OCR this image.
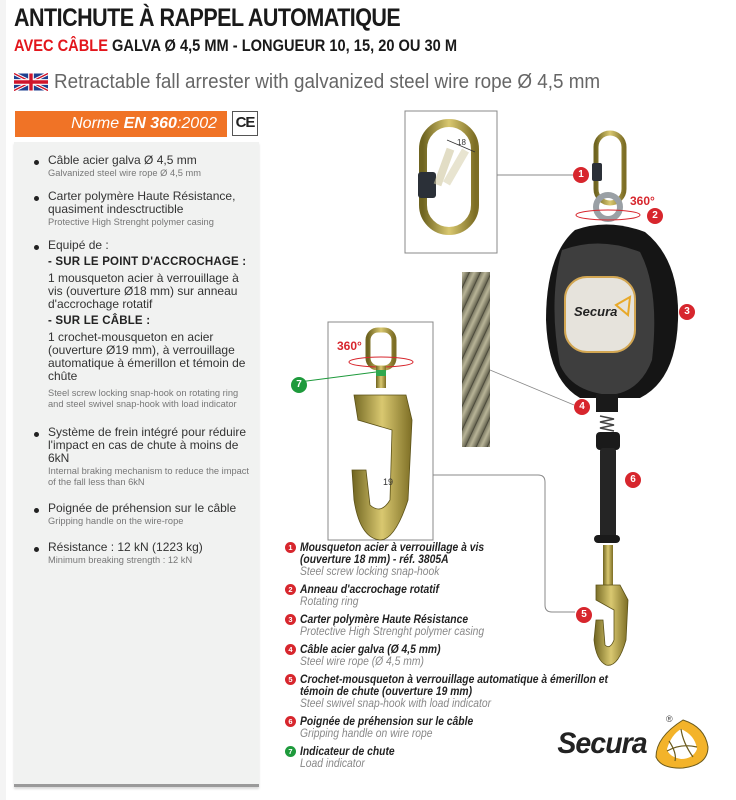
ANTICHUTE À RAPPEL AUTOMATIQUE
AVEC CÂBLE GALVA Ø 4,5 MM - LONGUEUR 10, 15, 20 OU 30 M
Retractable fall arrester with galvanized steel wire rope Ø 4,5 mm
Norme EN 360:2002	CE
Câble acier galva Ø 4,5 mm
Galvanized steel wire rope Ø 4,5 mm
Carter polymère Haute Résistance, quasiment indesctructible
Protective High Strenght polymer casing
Equipé de :
- SUR LE POINT D'ACCROCHAGE :
1 mousqueton acier à verrouillage à vis (ouverture Ø18 mm) sur anneau d'accrochage rotatif
- SUR LE CÂBLE :
1 crochet-mousqueton en acier (ouverture Ø19 mm), à verrouillage automatique à émerillon et témoin de chûte
Steel screw locking snap-hook on rotating ring and steel swivel snap-hook with load indicator
Système de frein intégré pour réduire l'impact en cas de chute à moins de 6kN
Internal braking mechanism to reduce the impact of the fall less than 6kN
Poignée de préhension sur le câble
Gripping handle on the wire-rope
Résistance : 12 kN (1223 kg)
Minimum breaking strength : 12 kN
18
360°
Secura
360°
19
1
2
3
4
5
6
7
1 Mousqueton acier à verrouillage à vis
(ouverture 18 mm) - réf. 3805A
Steel screw locking snap-hook
2 Anneau d'accrochage rotatif
Rotating ring
3 Carter polymère Haute Résistance
Protective High Strenght polymer casing
4 Câble acier galva (Ø 4,5 mm)
Steel wire rope (Ø 4,5 mm)
5 Crochet-mousqueton à verrouillage automatique à émerillon et
témoin de chute (ouverture 19 mm)
Steel swivel snap-hook with load indicator
6 Poignée de préhension sur le câble
Gripping handle on wire rope
7 Indicateur de chute
Load indicator
Secura
®
